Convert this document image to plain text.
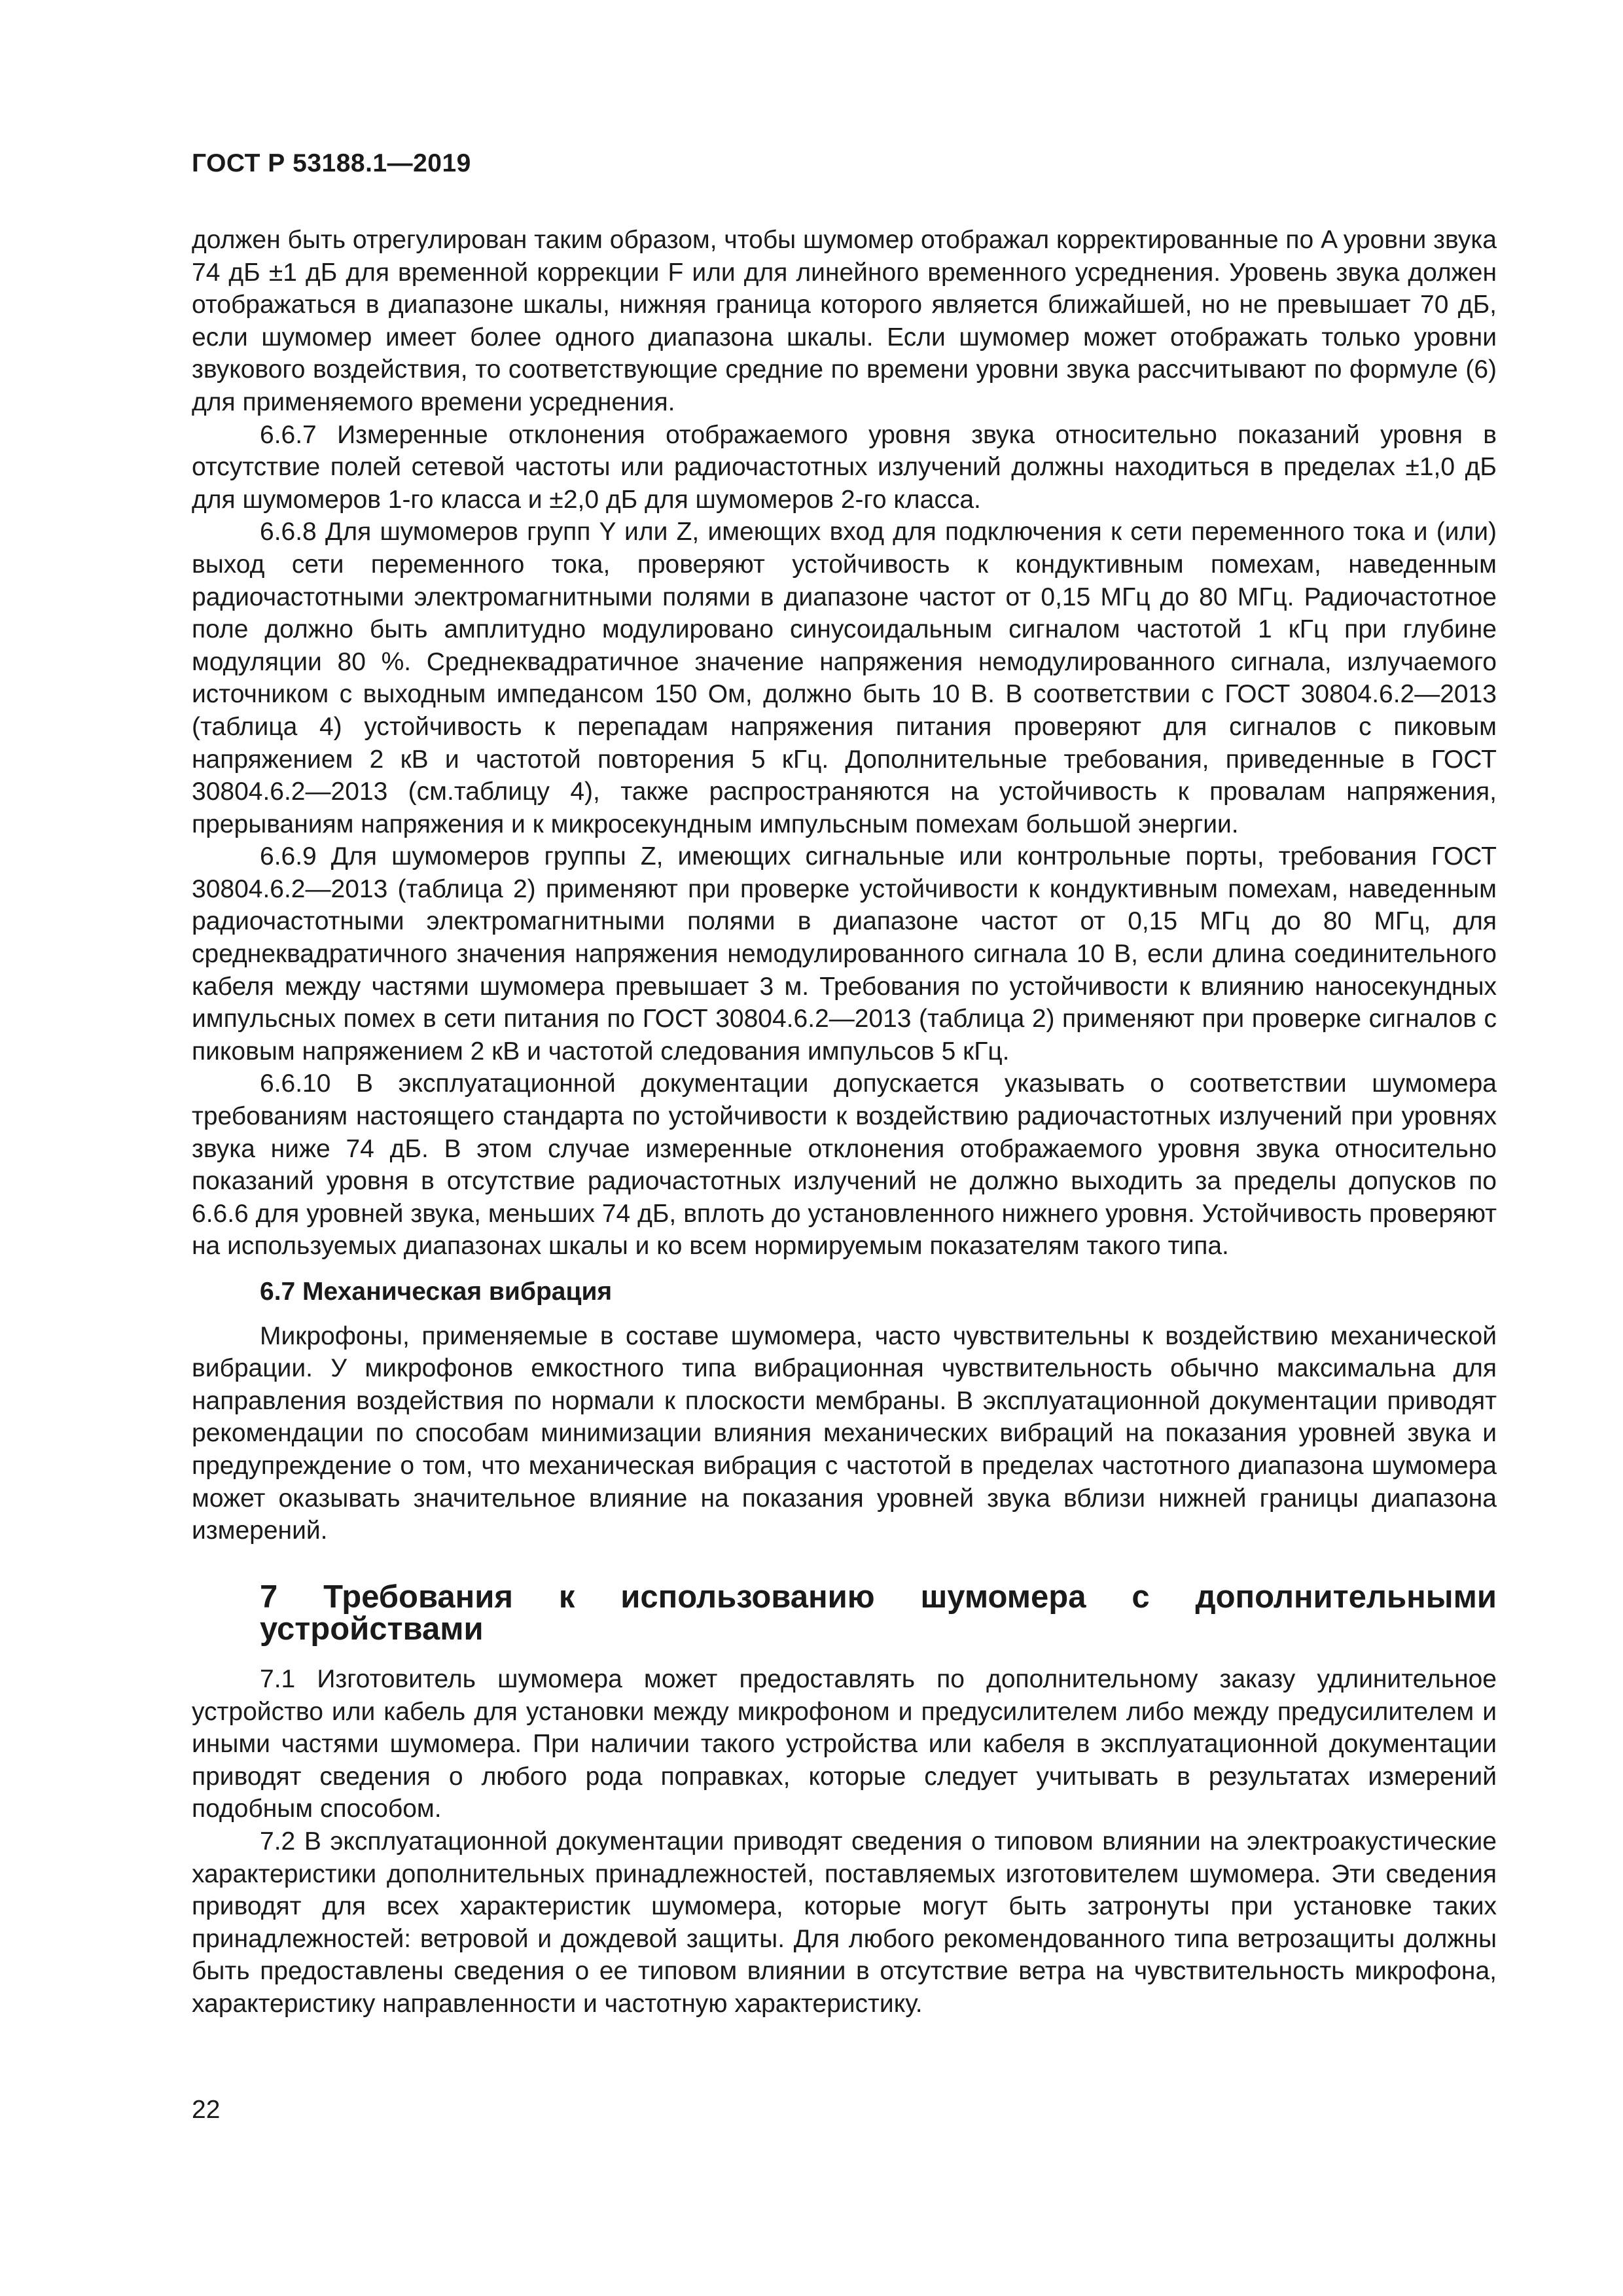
ГОСТ Р 53188.1—2019

должен быть отрегулирован таким образом, чтобы шумомер отображал корректированные по A уровни звука 74 дБ ±1 дБ для временной коррекции F или для линейного временного усреднения. Уровень звука должен отображаться в диапазоне шкалы, нижняя граница которого является ближайшей, но не превышает 70 дБ, если шумомер имеет более одного диапазона шкалы. Если шумомер может отображать только уровни звукового воздействия, то соответствующие средние по времени уровни звука рассчитывают по формуле (6) для применяемого времени усреднения.

6.6.7 Измеренные отклонения отображаемого уровня звука относительно показаний уровня в отсутствие полей сетевой частоты или радиочастотных излучений должны находиться в пределах ±1,0 дБ для шумомеров 1-го класса и ±2,0 дБ для шумомеров 2-го класса.

6.6.8 Для шумомеров групп Y или Z, имеющих вход для подключения к сети переменного тока и (или) выход сети переменного тока, проверяют устойчивость к кондуктивным помехам, наведенным радиочастотными электромагнитными полями в диапазоне частот от 0,15 МГц до 80 МГц. Радиочастотное поле должно быть амплитудно модулировано синусоидальным сигналом частотой 1 кГц при глубине модуляции 80 %. Среднеквадратичное значение напряжения немодулированного сигнала, излучаемого источником с выходным импедансом 150 Ом, должно быть 10 В. В соответствии с ГОСТ 30804.6.2—2013 (таблица 4) устойчивость к перепадам напряжения питания проверяют для сигналов с пиковым напряжением 2 кВ и частотой повторения 5 кГц. Дополнительные требования, приведенные в ГОСТ 30804.6.2—2013 (см.таблицу 4), также распространяются на устойчивость к провалам напряжения, прерываниям напряжения и к микросекундным импульсным помехам большой энергии.

6.6.9 Для шумомеров группы Z, имеющих сигнальные или контрольные порты, требования ГОСТ 30804.6.2—2013 (таблица 2) применяют при проверке устойчивости к кондуктивным помехам, наведенным радиочастотными электромагнитными полями в диапазоне частот от 0,15 МГц до 80 МГц, для среднеквадратичного значения напряжения немодулированного сигнала 10 В, если длина соединительного кабеля между частями шумомера превышает 3 м. Требования по устойчивости к влиянию наносекундных импульсных помех в сети питания по ГОСТ 30804.6.2—2013 (таблица 2) применяют при проверке сигналов с пиковым напряжением 2 кВ и частотой следования импульсов 5 кГц.

6.6.10 В эксплуатационной документации допускается указывать о соответствии шумомера требованиям настоящего стандарта по устойчивости к воздействию радиочастотных излучений при уровнях звука ниже 74 дБ. В этом случае измеренные отклонения отображаемого уровня звука относительно показаний уровня в отсутствие радиочастотных излучений не должно выходить за пределы допусков по 6.6.6 для уровней звука, меньших 74 дБ, вплоть до установленного нижнего уровня. Устойчивость проверяют на используемых диапазонах шкалы и ко всем нормируемым показателям такого типа.

6.7 Механическая вибрация

Микрофоны, применяемые в составе шумомера, часто чувствительны к воздействию механической вибрации. У микрофонов емкостного типа вибрационная чувствительность обычно максимальна для направления воздействия по нормали к плоскости мембраны. В эксплуатационной документации приводят рекомендации по способам минимизации влияния механических вибраций на показания уровней звука и предупреждение о том, что механическая вибрация с частотой в пределах частотного диапазона шумомера может оказывать значительное влияние на показания уровней звука вблизи нижней границы диапазона измерений.

7 Требования к использованию шумомера с дополнительными устройствами

7.1 Изготовитель шумомера может предоставлять по дополнительному заказу удлинительное устройство или кабель для установки между микрофоном и предусилителем либо между предусилителем и иными частями шумомера. При наличии такого устройства или кабеля в эксплуатационной документации приводят сведения о любого рода поправках, которые следует учитывать в результатах измерений подобным способом.

7.2 В эксплуатационной документации приводят сведения о типовом влиянии на электроакустические характеристики дополнительных принадлежностей, поставляемых изготовителем шумомера. Эти сведения приводят для всех характеристик шумомера, которые могут быть затронуты при установке таких принадлежностей: ветровой и дождевой защиты. Для любого рекомендованного типа ветрозащиты должны быть предоставлены сведения о ее типовом влиянии в отсутствие ветра на чувствительность микрофона, характеристику направленности и частотную характеристику.

22
